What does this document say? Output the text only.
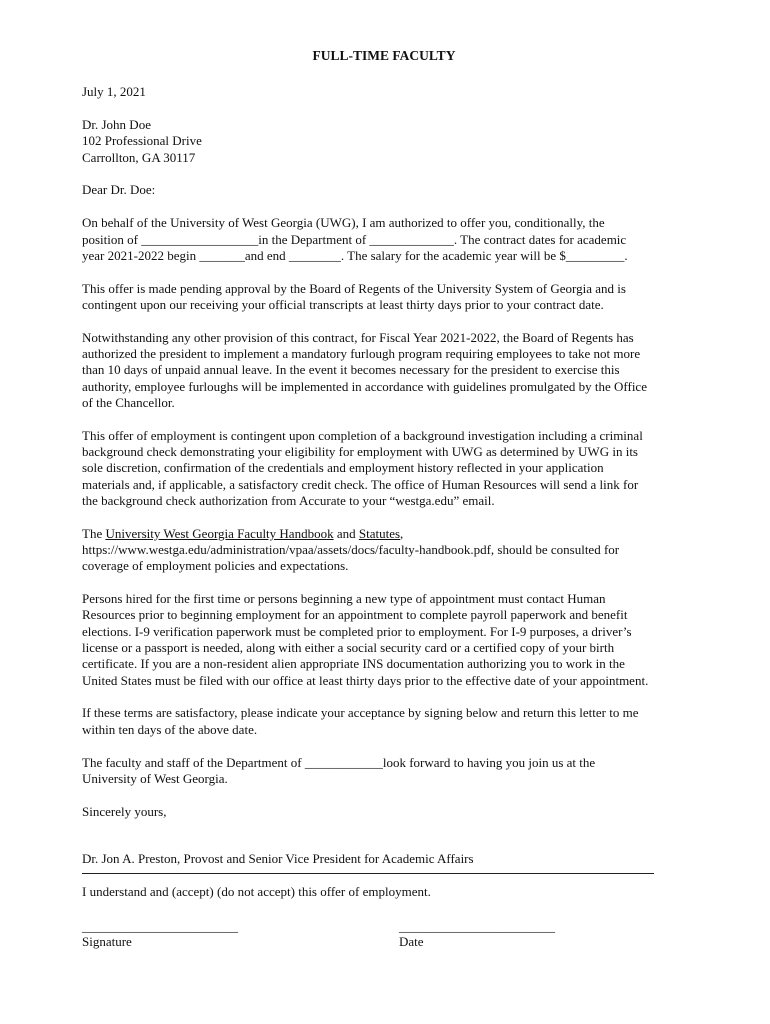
FULL-TIME FACULTY

July 1, 2021

Dr. John Doe

102 Professional Drive

Carrollton, GA 30117

Dear Dr. Doe:

On behalf of the University of West Georgia (UWG), I am authorized to offer you, conditionally, the

position of __________________in the Department of _____________. The contract dates for academic

year 2021-2022 begin _______and end ________. The salary for the academic year will be $_________.

This offer is made pending approval by the Board of Regents of the University System of Georgia and is

contingent upon our receiving your official transcripts at least thirty days prior to your contract date.

Notwithstanding any other provision of this contract, for Fiscal Year 2021-2022, the Board of Regents has

authorized the president to implement a mandatory furlough program requiring employees to take not more

than 10 days of unpaid annual leave. In the event it becomes necessary for the president to exercise this

authority, employee furloughs will be implemented in accordance with guidelines promulgated by the Office

of the Chancellor.

This offer of employment is contingent upon completion of a background investigation including a criminal

background check demonstrating your eligibility for employment with UWG as determined by UWG in its

sole discretion, confirmation of the credentials and employment history reflected in your application

materials and, if applicable, a satisfactory credit check. The office of Human Resources will send a link for

the background check authorization from Accurate to your “westga.edu” email.

The University West Georgia Faculty Handbook and Statutes,

https://www.westga.edu/administration/vpaa/assets/docs/faculty-handbook.pdf, should be consulted for

coverage of employment policies and expectations.

Persons hired for the first time or persons beginning a new type of appointment must contact Human

Resources prior to beginning employment for an appointment to complete payroll paperwork and benefit

elections. I-9 verification paperwork must be completed prior to employment. For I-9 purposes, a driver’s

license or a passport is needed, along with either a social security card or a certified copy of your birth

certificate. If you are a non-resident alien appropriate INS documentation authorizing you to work in the

United States must be filed with our office at least thirty days prior to the effective date of your appointment.

If these terms are satisfactory, please indicate your acceptance by signing below and return this letter to me

within ten days of the above date.

The faculty and staff of the Department of ____________look forward to having you join us at the

University of West Georgia.

Sincerely yours,

Dr. Jon A. Preston, Provost and Senior Vice President for Academic Affairs

I understand and (accept) (do not accept) this offer of employment.

________________________	________________________

Signature	Date
